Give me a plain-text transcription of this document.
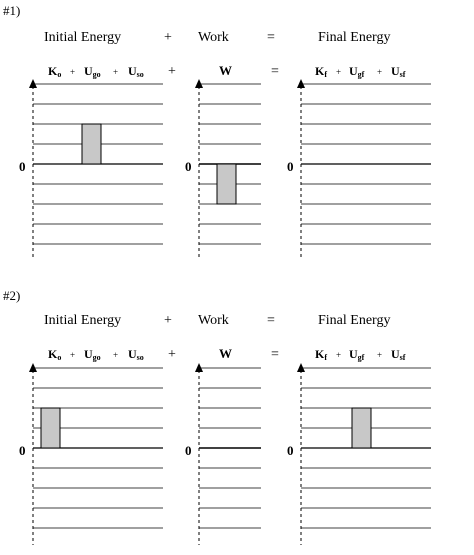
#1)
Initial Energy	+ Work	=	Final Energy
Ko + Ugo + Uso +	W	=	Kf + Ugf + Usf
0	0	0
#2)
Initial Energy	+ Work	=	Final Energy
Ko + Ugo + Uso +	W	=	Kf + Ugf + Usf
0	0	0
